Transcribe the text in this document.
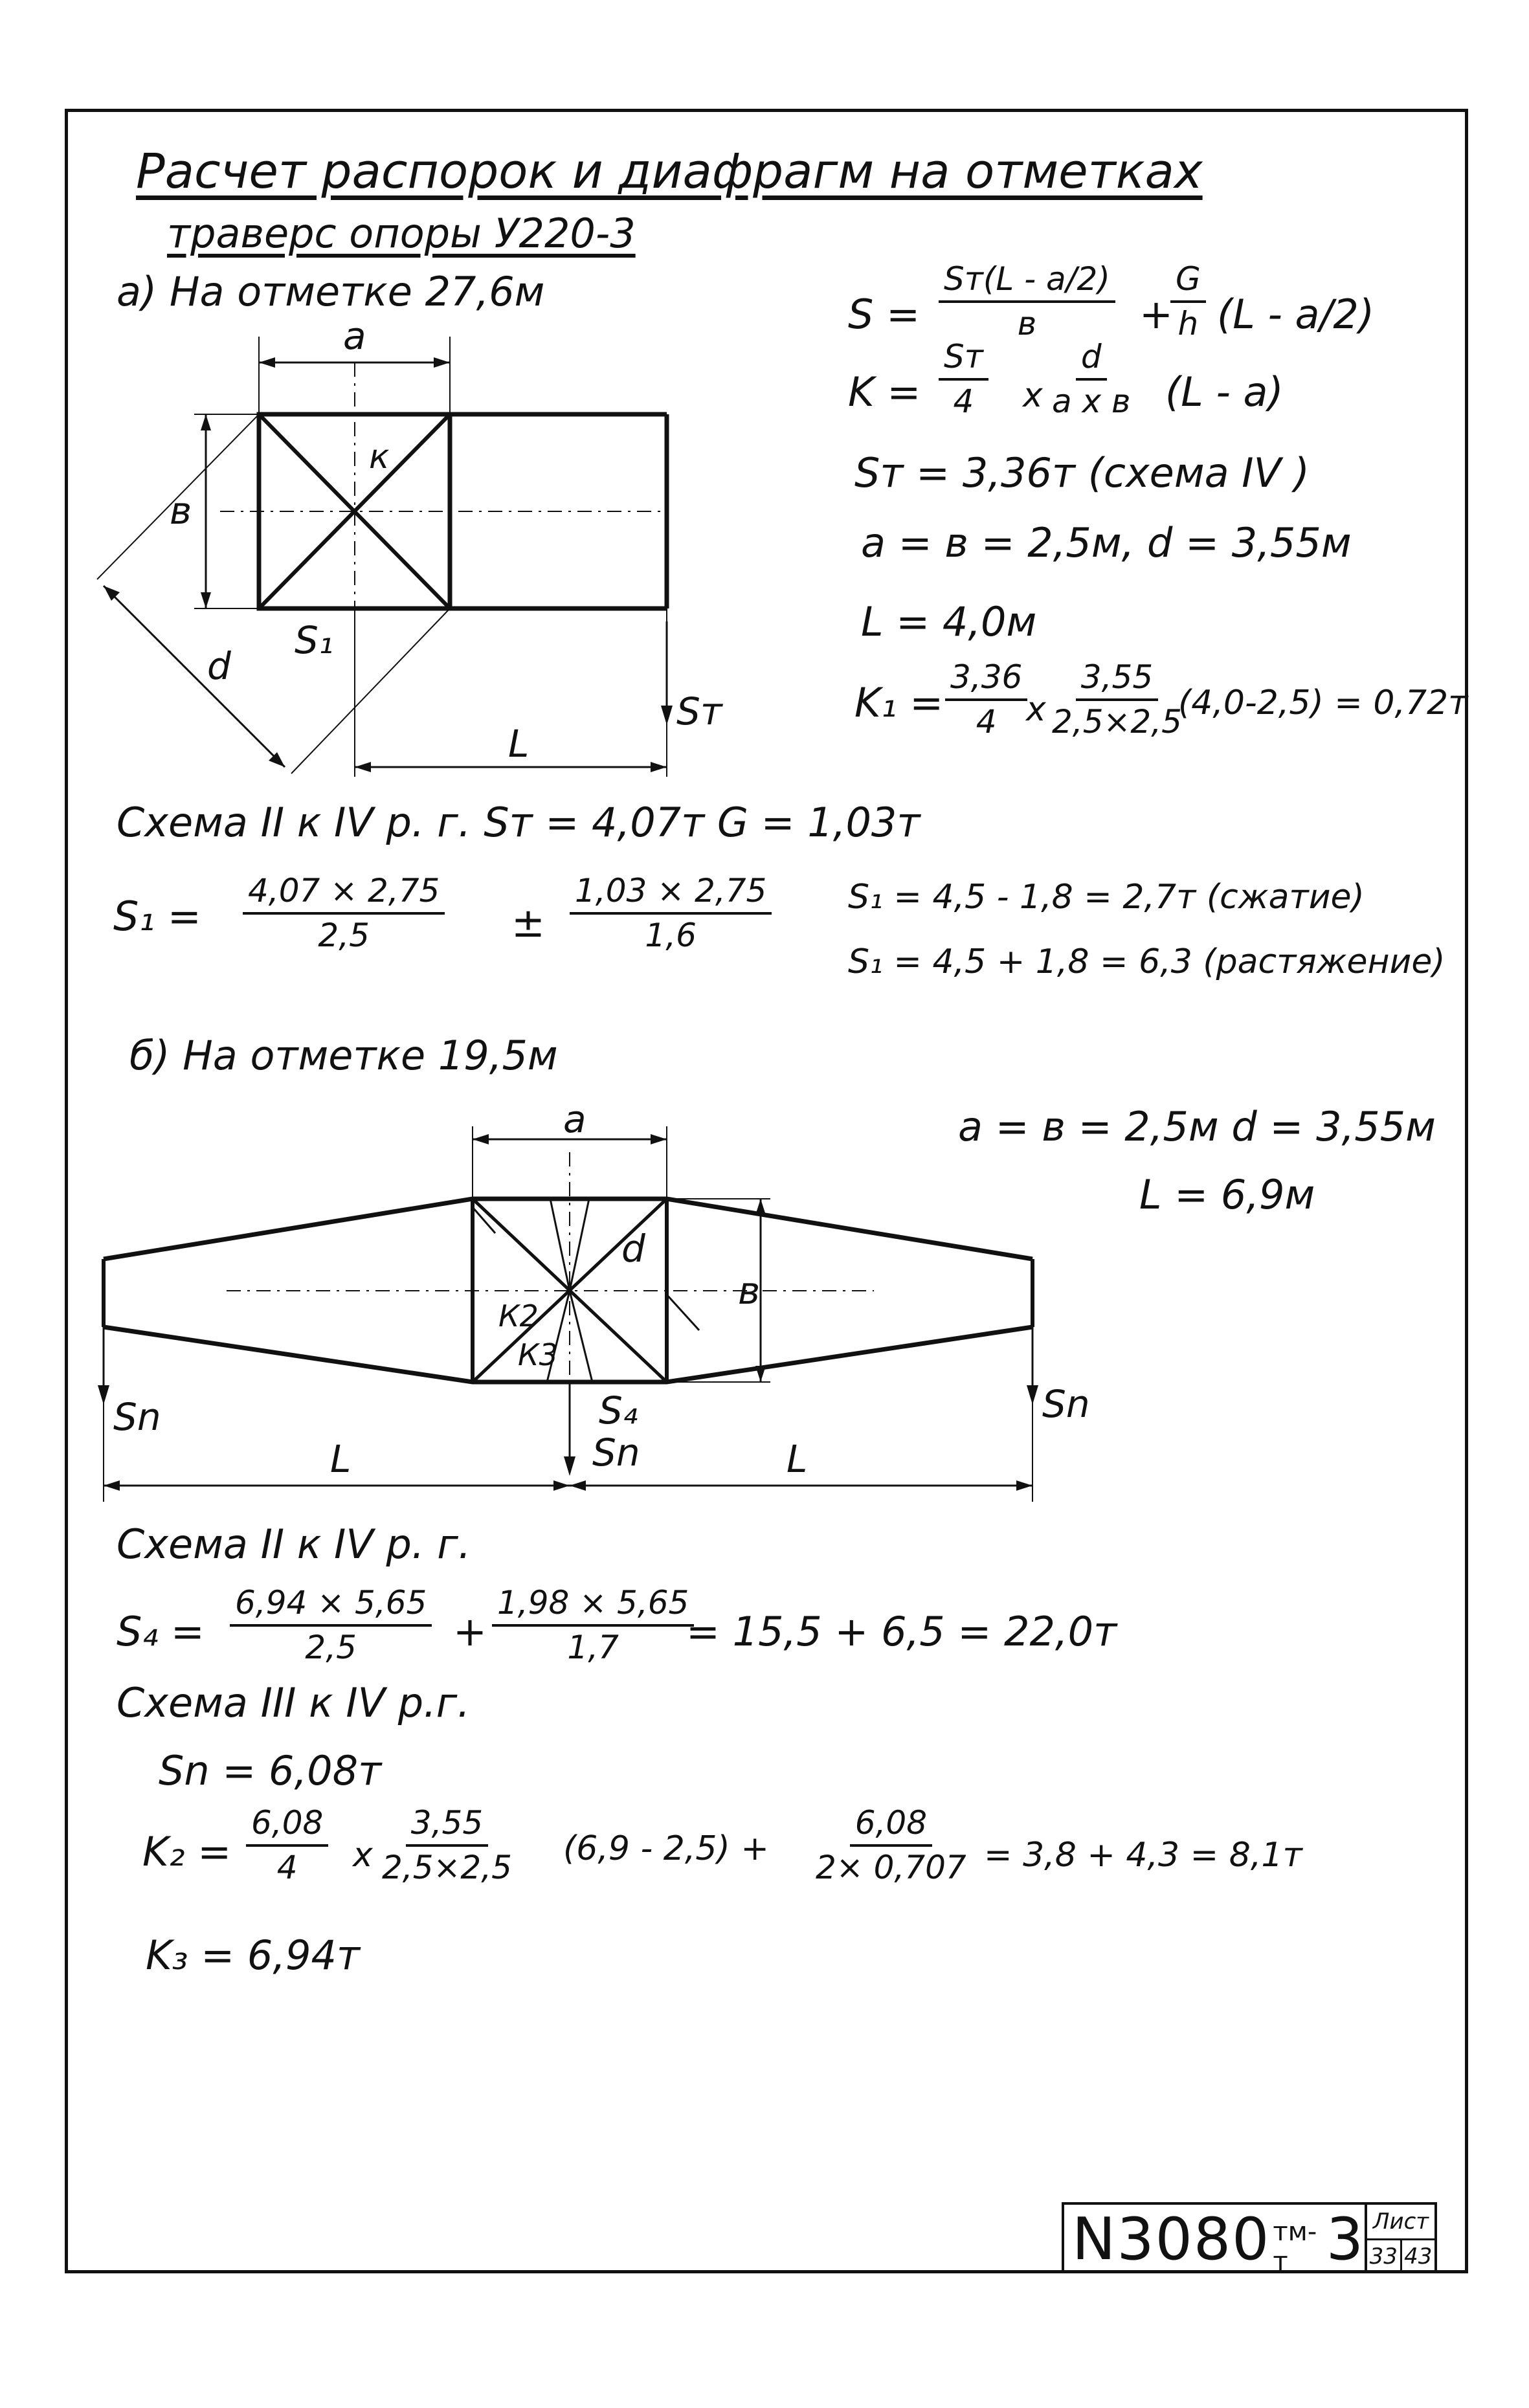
Расчет распорок и диафрагм на отметках
траверс опоры У220-3
а) На отметке 27,6м	S =
Sт(L - a/2)
в	+
$\frac{G}{h} (L - a/2)$
K =
Sт
4 x
d
a x в (L - a)
Sт = 3,36т (схема IV )
а = в = 2,5м, d = 3,55м
L = 4,0м
$K_1 = \frac{3,36}{4}$
x $\frac{3,55}{2,5\times 2,5}$
(4,0-2,5) = 0,72т
a
в
d
к
S₁
Sт
L
Схема II к IV р. г. Sт = 4,07т G = 1,03т
$S_1 = \frac{4,07 \times 2,75}{2,5} \pm \frac{1,03 \times 2,75}{1,6} S_1 = 4,5 - 1,8 = 2,7т$ (сжатие)
S₁ = 4,5 + 1,8 = 6,3 (растяжение)
б) На отметке 19,5м
а = в = 2,5м d = 3,55м
L = 6,9м
a
в
d
К2
К3
S₄
Sn	Sn
Sn
L	L
Схема II к IV р. г.
$S_4 = \frac{6,94 \times 5,65}{2,5} + \frac{1,98 \times 5,65}{1,7}$
= 15,5 + 6,5 = 22,0т
Схема III к IV р.г.
Sn = 6,08т
$K_2 = \frac{6,08}{4}$ x $\frac{3,55}{2,5\times 2,5} (6,9 - 2,5) + \frac{6,08}{2\times 0,707} = 3,8 + 4,3 = 8,1т$
K₃ = 6,94т
N3080 тм-т 3 Лист
33 43
